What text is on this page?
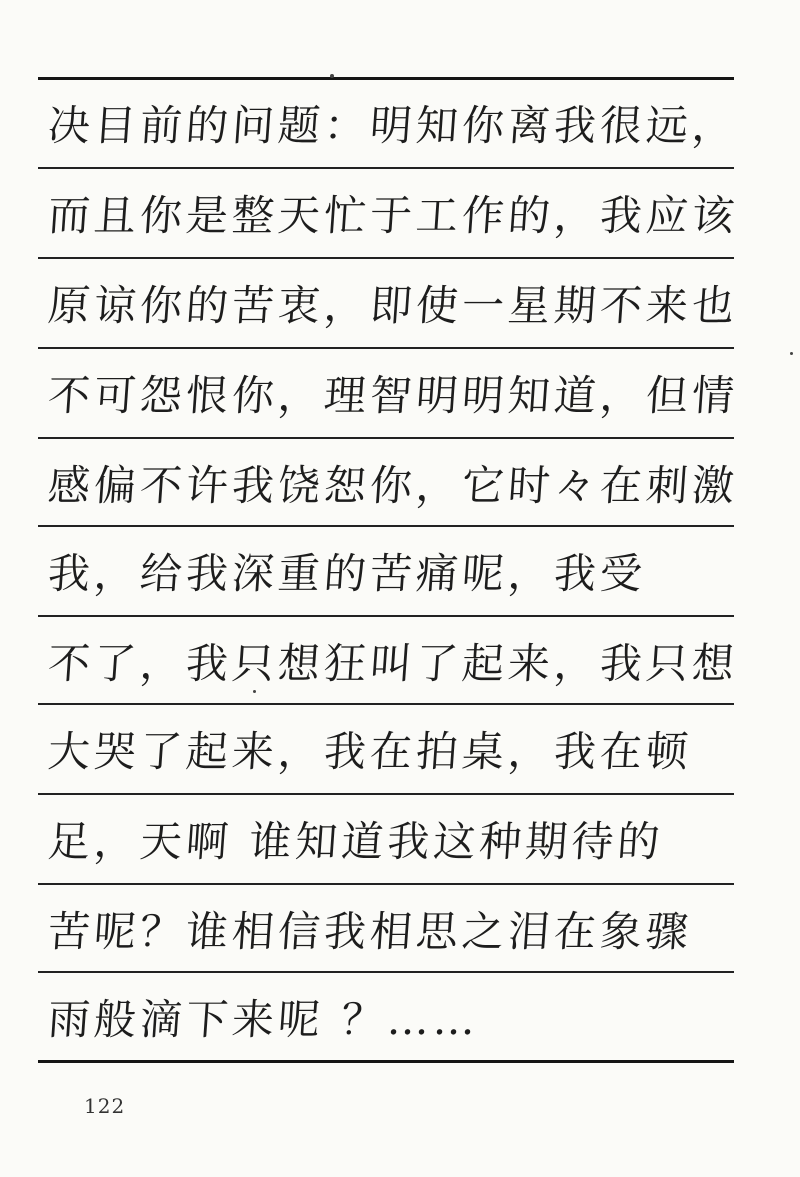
决目前的问题：明知你离我很远，
而且你是整天忙于工作的，我应该
原谅你的苦衷，即使一星期不来也
不可怨恨你，理智明明知道，但情
感偏不许我饶恕你，它时々在刺激
我，给我深重的苦痛呢，我受
不了，我只想狂叫了起来，我只想
大哭了起来，我在拍桌，我在顿
足，天啊 谁知道我这种期待的
苦呢？谁相信我相思之泪在象骤
雨般滴下来呢 ？……
122
